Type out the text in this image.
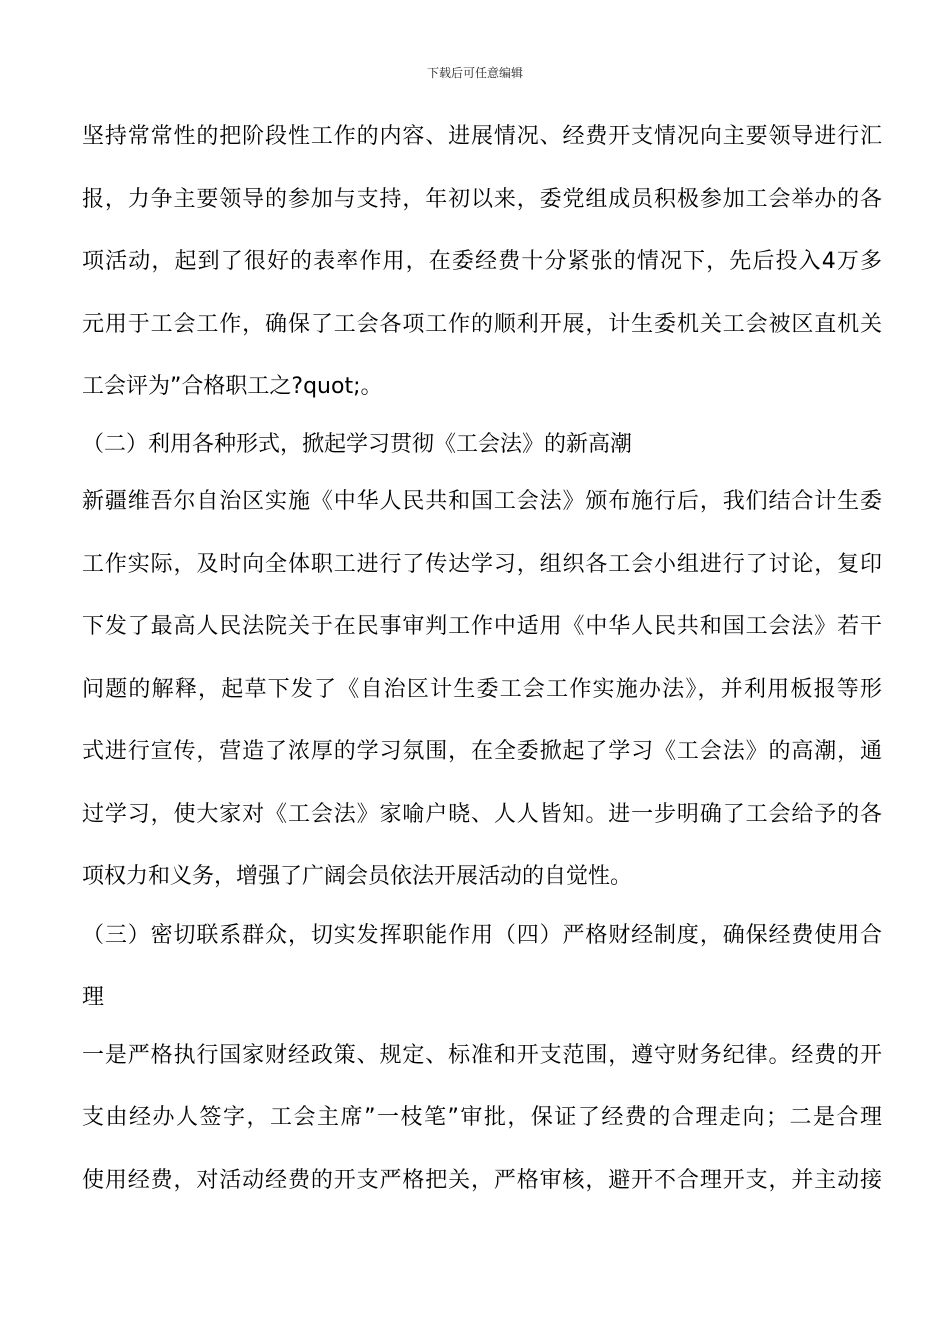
下载后可任意编辑
坚持常常性的把阶段性工作的内容、进展情况、经费开支情况向主要领导进行汇
报，力争主要领导的参加与支持，年初以来，委党组成员积极参加工会举办的各
项活动，起到了很好的表率作用，在委经费十分紧张的情况下，先后投入4万多
元用于工会工作，确保了工会各项工作的顺利开展，计生委机关工会被区直机关
工会评为”合格职工之?quot;。
（二）利用各种形式，掀起学习贯彻《工会法》的新高潮
新疆维吾尔自治区实施《中华人民共和国工会法》颁布施行后，我们结合计生委
工作实际，及时向全体职工进行了传达学习，组织各工会小组进行了讨论，复印
下发了最高人民法院关于在民事审判工作中适用《中华人民共和国工会法》若干
问题的解释，起草下发了《自治区计生委工会工作实施办法》，并利用板报等形
式进行宣传，营造了浓厚的学习氛围，在全委掀起了学习《工会法》的高潮，通
过学习，使大家对《工会法》家喻户晓、人人皆知。进一步明确了工会给予的各
项权力和义务，增强了广阔会员依法开展活动的自觉性。
（三）密切联系群众，切实发挥职能作用（四）严格财经制度，确保经费使用合
理
一是严格执行国家财经政策、规定、标准和开支范围，遵守财务纪律。经费的开
支由经办人签字，工会主席”一枝笔”审批，保证了经费的合理走向；二是合理
使用经费，对活动经费的开支严格把关，严格审核，避开不合理开支，并主动接
